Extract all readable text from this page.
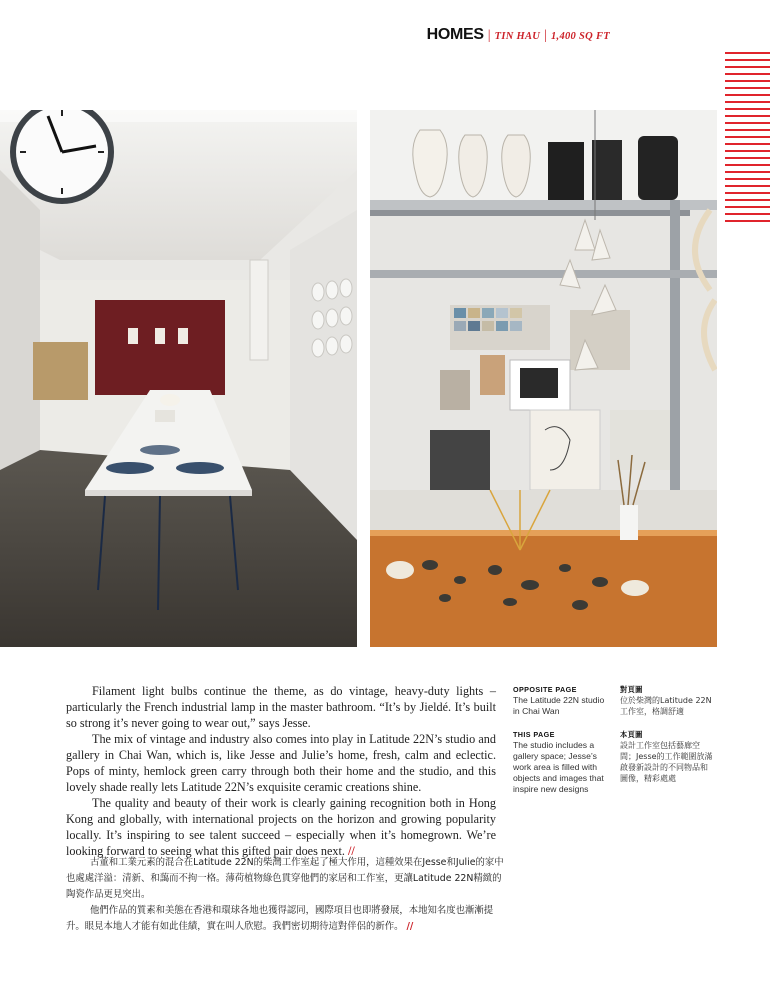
HOMES | TIN HAU | 1,400 SQ FT

Filament light bulbs continue the theme, as do vintage, heavy-duty lights – particularly the French industrial lamp in the master bathroom. “It’s by Jieldé. It’s built so strong it’s never going to wear out,” says Jesse.

The mix of vintage and industry also comes into play in Latitude 22N’s studio and gallery in Chai Wan, which is, like Jesse and Julie’s home, fresh, calm and eclectic. Pops of minty, hemlock green carry through both their home and the studio, and this lovely shade really lets Latitude 22N’s exquisite ceramic creations shine.

The quality and beauty of their work is clearly gaining recognition both in Hong Kong and globally, with international projects on the horizon and growing popularity locally. It’s inspiring to see talent succeed – especially when it’s homegrown. We’re looking forward to seeing what this gifted pair does next. //

古董和工業元素的混合在Latitude 22N的柴灣工作室起了極大作用，這種效果在Jesse和Julie的家中也處處洋溢：清新、和藹而不拘一格。薄荷植物綠色貫穿他們的家居和工作室，更讓Latitude 22N精緻的陶瓷作品更見突出。

他們作品的質素和美態在香港和環球各地也獲得認同，國際項目也即將發展，本地知名度也漸漸提升。眼見本地人才能有如此佳績，實在叫人欣慰。我們密切期待這對伴侶的新作。 //

OPPOSITE PAGE
The Latitude 22N studio in Chai Wan
THIS PAGE
The studio includes a gallery space; Jesse’s work area is filled with objects and images that inspire new designs
對頁圖
位於柴灣的Latitude 22N工作室，格調舒適
本頁圖
設計工作室包括藝廊空間；Jesse的工作範圍放滿啟發新設計的不同物品和圖像，精彩處處
